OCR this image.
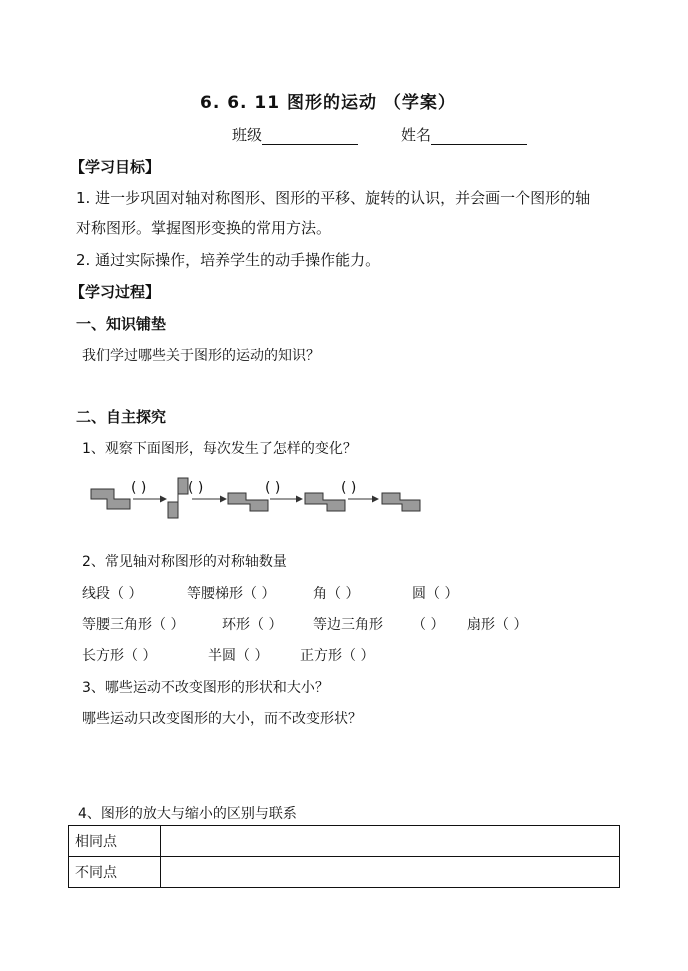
6. 6. 11 图形的运动 （学案）
班级	姓名
【学习目标】
1. 进一步巩固对轴对称图形、图形的平移、旋转的认识，并会画一个图形的轴
对称图形。掌握图形变换的常用方法。
2. 通过实际操作，培养学生的动手操作能力。
【学习过程】
一、知识铺垫
我们学过哪些关于图形的运动的知识？
二、自主探究
1、观察下面图形，每次发生了怎样的变化？
( )	( )	( )	( )
2、常见轴对称图形的对称轴数量
线段（ ）	等腰梯形（ ）	角（ ）	圆（ ）
等腰三角形（ ）	环形（ ） 等边三角形 （ ） 扇形（ ）
长方形（ ）	半圆（ ） 正方形（ ）
3、哪些运动不改变图形的形状和大小？
哪些运动只改变图形的大小，而不改变形状？
4、图形的放大与缩小的区别与联系
相同点	
不同点	
